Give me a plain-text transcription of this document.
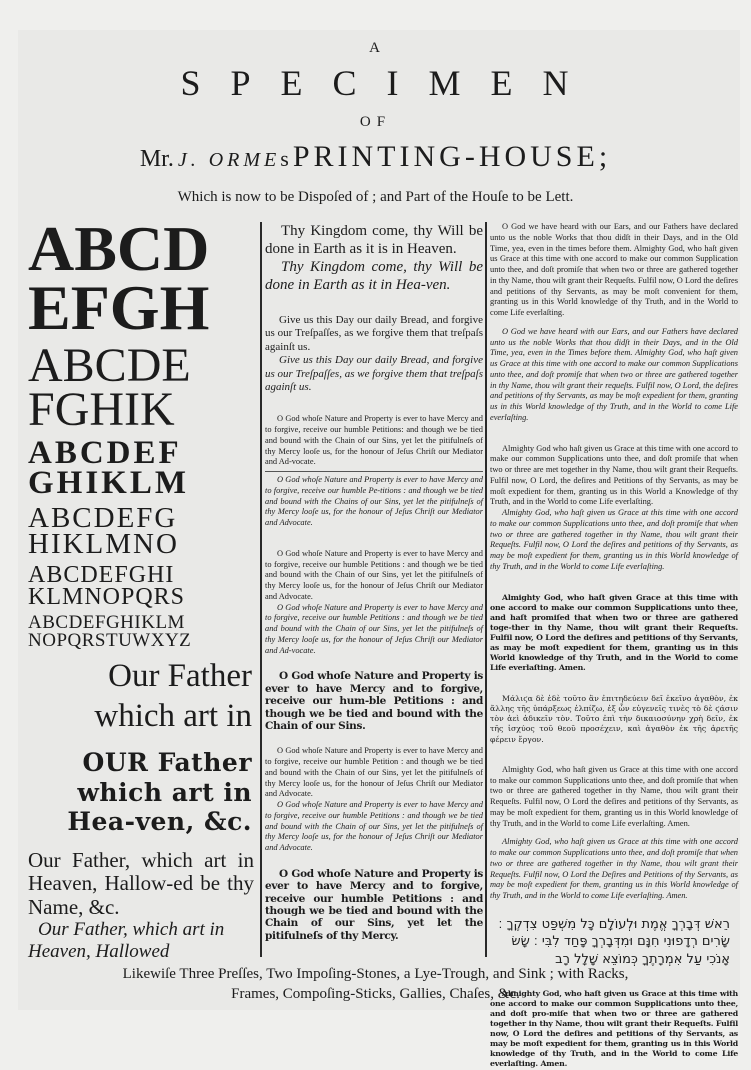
A
SPECIMEN
OF
Mr. J. ORMEs PRINTING-HOUSE;
Which is now to be Dispoſed of ; and Part of the Houſe to be Lett.
ABCD
EFGH
ABCDE
FGHIK
ABCDEF
GHIKLM
ABCDEFG
HIKLMNO
ABCDEFGHI
KLMNOPQRS
ABCDEFGHIKLM
NOPQRSTUWXYZ
Our Father which art in
OUR Father which art in Hea-ven, &c.
Our Father, which art in Heaven, Hallow-ed be thy Name, &c.
Our Father, which art in Heaven, Hallowed

Thy Kingdom come, thy Will be done in Earth as it is in Heaven.

Thy Kingdom come, thy Will be done in Earth as it in Hea-ven.

Give us this Day our daily Bread, and forgive us our Treſpaſſes, as we forgive them that treſpaſs againſt us.

Give us this Day our daily Bread, and forgive us our Treſpaſſes, as we forgive them that treſpaſs againſt us.

O God whoſe Nature and Property is ever to have Mercy and to forgive, receive our humble Petitions: and though we be tied and bound with the Chain of our Sins, yet let the pitifulneſs of thy Mercy looſe us, for the honour of Jeſus Chriſt our Mediator and Ad-vocate.

O God whoſe Nature and Property is ever to have Mercy and to forgive, receive our humble Pe-titions : and though we be tied and bound with the Chains of our Sins, yet let the pitifulneſs of thy Mercy looſe us, for the honour of Jeſus Chriſt our Mediator and Advocate.

O God whoſe Nature and Property is ever to have Mercy and to forgive, receive our humble Petitions : and though we be tied and bound with the Chain of our Sins, yet let the pitifulneſs of thy Mercy looſe us, for the honour of Jeſus Chriſt our Mediator and Advocate.

O God whoſe Nature and Property is ever to have Mercy and to forgive, receive our humble Petitions : and though we be tied and bound with the Chain of our Sins, yet let the pitifulneſs of thy Mercy looſe us, for the honour of Jeſus Chriſt our Mediator and Ad-vocate.

O God whoſe Nature and Property is ever to have Mercy and to forgive, receive our hum-ble Petitions : and though we be tied and bound with the Chain of our Sins.

O God whoſe Nature and Property is ever to have Mercy and to forgive, receive our humble Petition : and though we be tied and bound with the Chain of our Sins, yet let the pitifulneſs of thy Mercy looſe us, for the honour of Jeſus Chriſt our Mediator and Advocate.

O God whoſe Nature and Property is ever to have Mercy and to forgive, receive our humble Petitions : and though we be tied and bound with the Chain of our Sins, yet let the pitifulneſs of thy Mercy looſe us, for the honour of Jeſus Chriſt our Mediator and Advocate.

O God whoſe Nature and Property is ever to have Mercy and to forgive, receive our humble Petitions : and though we be tied and bound with the Chain of our Sins, yet let the pitifulneſs of thy Mercy.

O God we have heard with our Ears, and our Fathers have declared unto us the noble Works that thou didſt in their Days, and in the Old Time, yea, even in the times before them. Almighty God, who haſt given us Grace at this time with one accord to make our common Supplication unto thee, and doſt promiſe that when two or three are gathered together in thy Name, thou wilt grant their Requeſts. Fulfil now, O Lord the deſires and petitions of thy Servants, as may be moſt convenient for them, granting us in this World knowledge of thy Truth, and in the World to come Life everlaſting.

O God we have heard with our Ears, and our Fathers have declared unto us the noble Works that thou didſt in their Days, and in the Old Time, yea, even in the Times before them. Almighty God, who haſt given us Grace at this time with one accord to make our common Supplications unto thee, and doſt promiſe that when two or three are gathered together in thy Name, thou wilt grant their requeſts. Fulfil now, O Lord, the deſires and petitions of thy Servants, as may be moſt expedient for them, granting us in this World knowledge of thy Truth, and in the World to come Life everlaſting.

Almighty God who haſt given us Grace at this time with one accord to make our common Supplications unto thee, and doſt promiſe that when two or three are met together in thy Name, thou wilt grant their Requeſts. Fulfil now, O Lord, the deſires and Petitions of thy Servants, as may be moſt expedient for them, granting us in this World a Knowledge of thy Truth, and in the World to come Life everlaſting.

Almighty God, who haſt given us Grace at this time with one accord to make our common Supplications unto thee, and doſt promiſe that when two or three are gathered together in thy Name, thou wilt grant their Requeſts. Fulfil now, O Lord the deſires and petitions of thy Servants, as may be moſt expedient for them, granting us in this World knowledge of thy Truth, and in the World to come Life everlaſting.

Almighty God, who haſt given Grace at this time with one accord to make our common Supplications unto thee, and haſt promiſed that when two or three are gathered toge-ther in thy Name, thou wilt grant their Requeſts. Fulfil now, O Lord the deſires and petitions of thy Servants, as may be moſt expedient for them, granting us in this World knowledge of thy Truth, and in the World to come Life everlaſting. Amen.

Μάλιϛα δὲ ἐδὲ τοῦτο ἂν ἐπιτηδεύειν δεῖ ἐκεῖνο ἀγαθὸν, ἐκ ἄλλης τῆς ὑπάρξεως ἐλπίζω, ἐξ ὧν εὐγενεῖς τινὲς τὸ δὲ ϛάσιν τὸν ἀεὶ ἀδικεῖν τὸν. Τοῦτο ἐπὶ τὴν δικαιοσύνην χρὴ δεῖν, ἐκ τῆς ἰσχύος τοῦ θεοῦ προσέχειν, καὶ ἀγαθὸν ἐκ τῆς ἀρετῆς φέρειν ἔργον.

Almighty God, who haſt given us Grace at this time with one accord to make our common Supplications unto thee, and doſt promiſe that when two or three are gathered together in thy Name, thou wilt grant their Requeſts. Fulfil now, O Lord the deſires and petitions of thy Servants, as may be moſt expedient for them, granting us in this World knowledge of thy Truth, and in the World to come Life everlaſting. Amen.

Almighty God, who haſt given us Grace at this time with one accord to make our common Supplications unto thee, and doſt promiſe that when two or three are gathered together in thy Name, thou wilt grant their Requeſts. Fulfil now, O Lord the Deſires and Petitions of thy Servants, as may be moſt expedient for them, granting us in this World knowledge of thy Truth, and in the World to come Life everlaſting. Amen.

רֵאשׁ דְּבָרְךָ אֱמֶת וּלְעוֹלָם כָּל מִשְׁפַּט צִדְקֶךָ ׃ שָׂרִים רְדָפוּנִי חִנָּם וּמִדְּבָרְךָ פָּחַד לִבִּי ׃ שָׂשׂ אָנֹכִי עַל אִמְרָתֶךָ כְּמוֹצֵא שָׁלָל רָב

Almighty God, who haſt given us Grace at this time with one accord to make our common Supplications unto thee, and doſt pro-miſe that when two or three are gathered together in thy Name, thou wilt grant their Requeſts. Fulfil now, O Lord the deſires and petitions of thy Servants, as may be moſt expedient for them, granting us in this World knowledge of thy Truth, and in the World to come Life everlaſting. Amen.

Likewiſe Three Preſſes, Two Impoſing-Stones, a Lye-Trough, and Sink ; with Racks,
Frames, Compoſing-Sticks, Gallies, Chaſes, &c.
